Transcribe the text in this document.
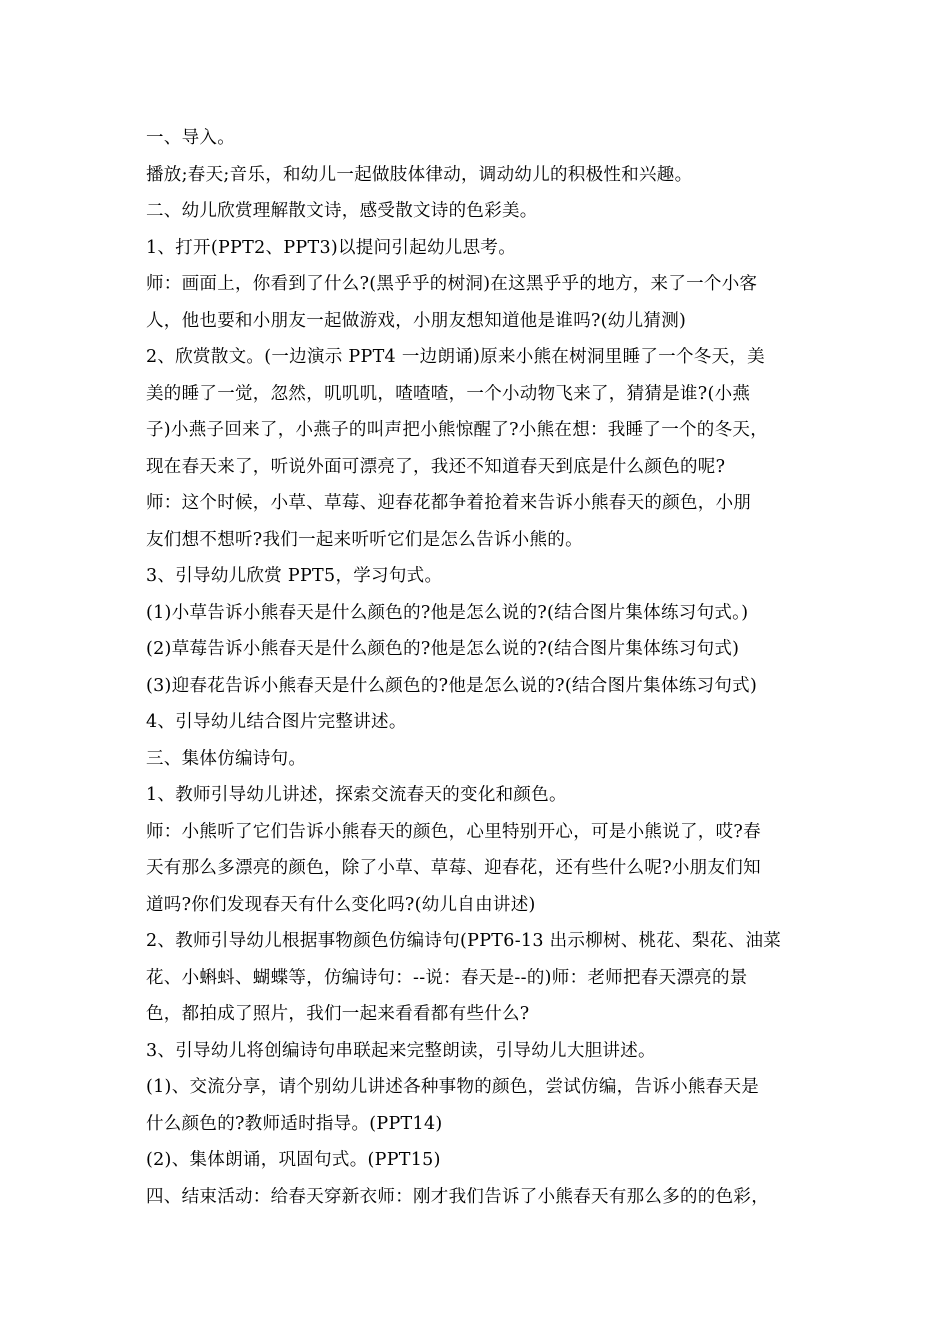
一、导入。
播放;春天;音乐，和幼儿一起做肢体律动，调动幼儿的积极性和兴趣。
二、幼儿欣赏理解散文诗，感受散文诗的色彩美。
1、打开(PPT2、PPT3)以提问引起幼儿思考。
师：画面上，你看到了什么?(黑乎乎的树洞)在这黑乎乎的地方，来了一个小客
人，他也要和小朋友一起做游戏，小朋友想知道他是谁吗?(幼儿猜测)
2、欣赏散文。(一边演示 PPT4 一边朗诵)原来小熊在树洞里睡了一个冬天，美
美的睡了一觉，忽然，叽叽叽，喳喳喳，一个小动物飞来了，猜猜是谁?(小燕
子)小燕子回来了，小燕子的叫声把小熊惊醒了?小熊在想：我睡了一个的冬天，
现在春天来了，听说外面可漂亮了，我还不知道春天到底是什么颜色的呢?
师：这个时候，小草、草莓、迎春花都争着抢着来告诉小熊春天的颜色，小朋
友们想不想听?我们一起来听听它们是怎么告诉小熊的。
3、引导幼儿欣赏 PPT5，学习句式。
(1)小草告诉小熊春天是什么颜色的?他是怎么说的?(结合图片集体练习句式。)
(2)草莓告诉小熊春天是什么颜色的?他是怎么说的?(结合图片集体练习句式)
(3)迎春花告诉小熊春天是什么颜色的?他是怎么说的?(结合图片集体练习句式)
4、引导幼儿结合图片完整讲述。
三、集体仿编诗句。
1、教师引导幼儿讲述，探索交流春天的变化和颜色。
师：小熊听了它们告诉小熊春天的颜色，心里特别开心，可是小熊说了，哎?春
天有那么多漂亮的颜色，除了小草、草莓、迎春花，还有些什么呢?小朋友们知
道吗?你们发现春天有什么变化吗?(幼儿自由讲述)
2、教师引导幼儿根据事物颜色仿编诗句(PPT6-13 出示柳树、桃花、梨花、油菜
花、小蝌蚪、蝴蝶等，仿编诗句：--说：春天是--的)师：老师把春天漂亮的景
色，都拍成了照片，我们一起来看看都有些什么?
3、引导幼儿将创编诗句串联起来完整朗读，引导幼儿大胆讲述。
(1)、交流分享，请个别幼儿讲述各种事物的颜色，尝试仿编，告诉小熊春天是
什么颜色的?教师适时指导。(PPT14)
(2)、集体朗诵，巩固句式。(PPT15)
四、结束活动：给春天穿新衣师：刚才我们告诉了小熊春天有那么多的的色彩，
